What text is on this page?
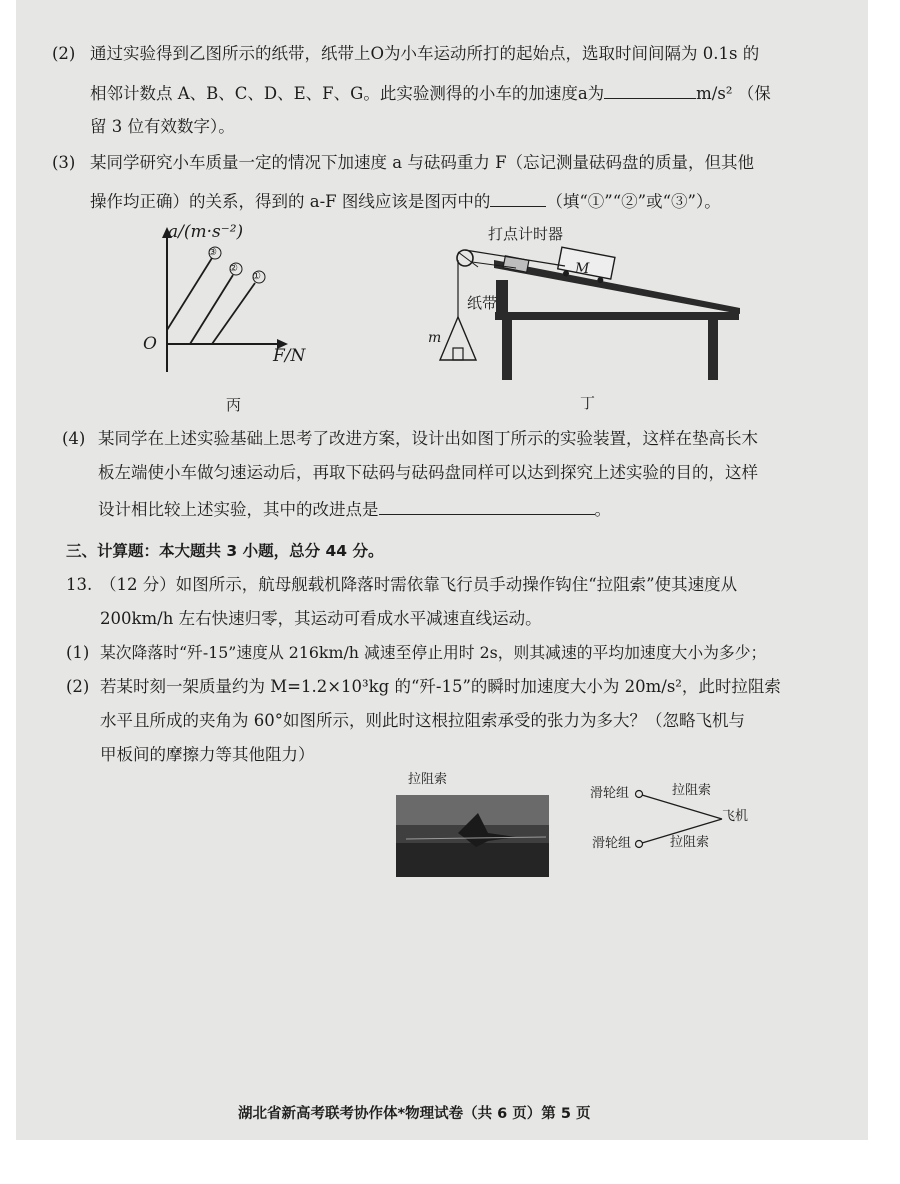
(2) 通过实验得到乙图所示的纸带，纸带上O为小车运动所打的起始点，选取时间间隔为 0.1s 的
相邻计数点 A、B、C、D、E、F、G。此实验测得的小车的加速度a为	m/s² （保
留 3 位有效数字）。
(3) 某同学研究小车质量一定的情况下加速度 a 与砝码重力 F（忘记测量砝码盘的质量，但其他
操作均正确）的关系，得到的 a-F 图线应该是图丙中的	（填“①”“②”或“③”）。
a/(m·s⁻²)
F/N
O
③
②
①
丙
打点计时器
M
纸带
m
丁
(4) 某同学在上述实验基础上思考了改进方案，设计出如图丁所示的实验装置，这样在垫高长木
板左端使小车做匀速运动后，再取下砝码与砝码盘同样可以达到探究上述实验的目的，这样
设计相比较上述实验，其中的改进点是	。
三、计算题：本大题共 3 小题，总分 44 分。
13. （12 分）如图所示，航母舰载机降落时需依靠飞行员手动操作钩住“拉阻索”使其速度从
200km/h 左右快速归零，其运动可看成水平减速直线运动。
(1) 某次降落时“歼-15”速度从 216km/h 减速至停止用时 2s，则其减速的平均加速度大小为多少；
(2) 若某时刻一架质量约为 M=1.2×10³kg 的“歼-15”的瞬时加速度大小为 20m/s²，此时拉阻索
水平且所成的夹角为 60°如图所示，则此时这根拉阻索承受的张力为多大？（忽略飞机与
甲板间的摩擦力等其他阻力）
拉阻索
滑轮组
滑轮组
拉阻索
拉阻索
飞机
湖北省新高考联考协作体*物理试卷（共 6 页）第 5 页
